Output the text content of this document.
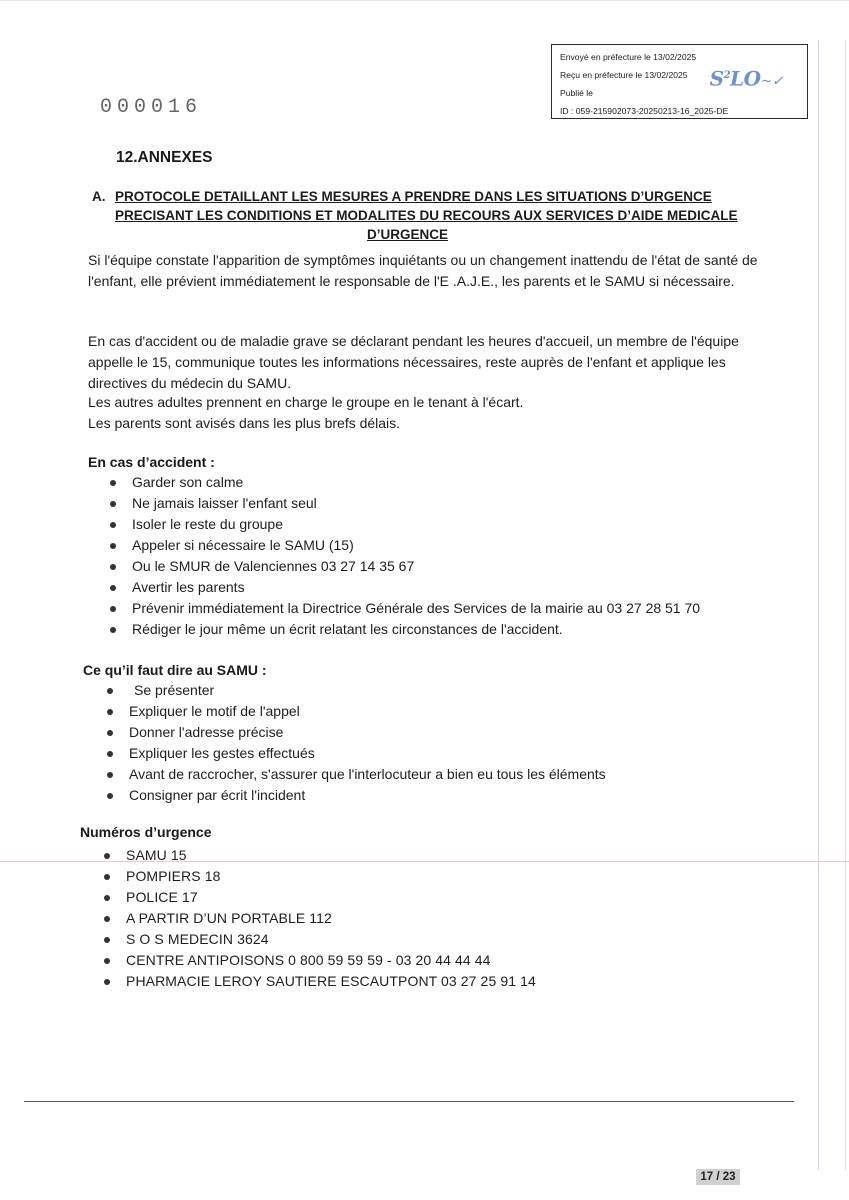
Envoyé en préfecture le 13/02/2025
Reçu en préfecture le 13/02/2025
Publié le
ID : 059-215902073-20250213-16_2025-DE
$S^2LO\sim✓$
000016
12.ANNEXES
A. PROTOCOLE DETAILLANT LES MESURES A PRENDRE DANS LES SITUATIONS D’URGENCE
PRECISANT LES CONDITIONS ET MODALITES DU RECOURS AUX SERVICES D’AIDE MEDICALE
D’URGENCE
Si l'équipe constate l'apparition de symptômes inquiétants ou un changement inattendu de l'état de santé de l'enfant, elle prévient immédiatement le responsable de l'E .A.J.E., les parents et le SAMU si nécessaire.
En cas d'accident ou de maladie grave se déclarant pendant les heures d'accueil, un membre de l'équipe appelle le 15, communique toutes les informations nécessaires, reste auprès de l'enfant et applique les directives du médecin du SAMU.
Les autres adultes prennent en charge le groupe en le tenant à l'écart.
Les parents sont avisés dans les plus brefs délais.
En cas d’accident :
Garder son calme
Ne jamais laisser l'enfant seul
Isoler le reste du groupe
Appeler si nécessaire le SAMU (15)
Ou le SMUR de Valenciennes 03 27 14 35 67
Avertir les parents
Prévenir immédiatement la Directrice Générale des Services de la mairie au 03 27 28 51 70
Rédiger le jour même un écrit relatant les circonstances de l'accident.
Ce qu’il faut dire au SAMU :
Se présenter
Expliquer le motif de l'appel
Donner l'adresse précise
Expliquer les gestes effectués
Avant de raccrocher, s'assurer que l'interlocuteur a bien eu tous les éléments
Consigner par écrit l'incident
Numéros d’urgence
SAMU 15
POMPIERS 18
POLICE 17
A PARTIR D’UN PORTABLE 112
S O S MEDECIN 3624
CENTRE ANTIPOISONS 0 800 59 59 59 - 03 20 44 44 44
PHARMACIE LEROY SAUTIERE ESCAUTPONT 03 27 25 91 14
17 / 23
